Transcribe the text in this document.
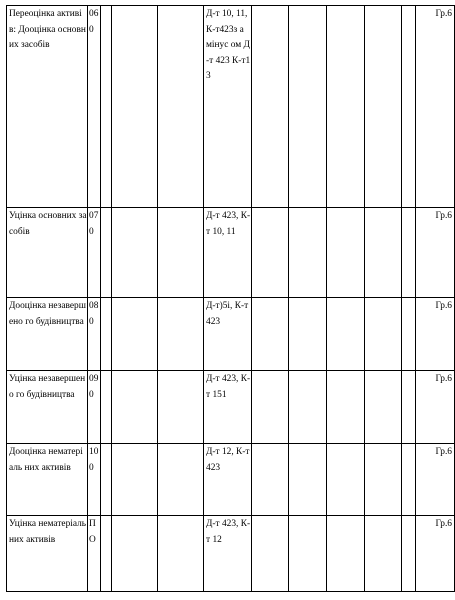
Переоцінка активів: Дооцінка основних засобів	060				Д-т 10, 11, К-т423з а мінус ом Д-т 423 К-т13						Гр.6
Уцінка основних засобів	070				Д-т 423, К-т 10, 11						Гр.6
Дооцінка незавершено го будівництва	080				Д-т)5і, К-т 423						Гр.6
Уцінка незавершено го будівництва	090				Д-т 423, К-т 151						Гр.6
Дооцінка нематеріаль них активів	100				Д-т 12, К-т 423						Гр.6
Уцінка нематеріаль них активів	ПО				Д-т 423, К-т 12						Гр.6
